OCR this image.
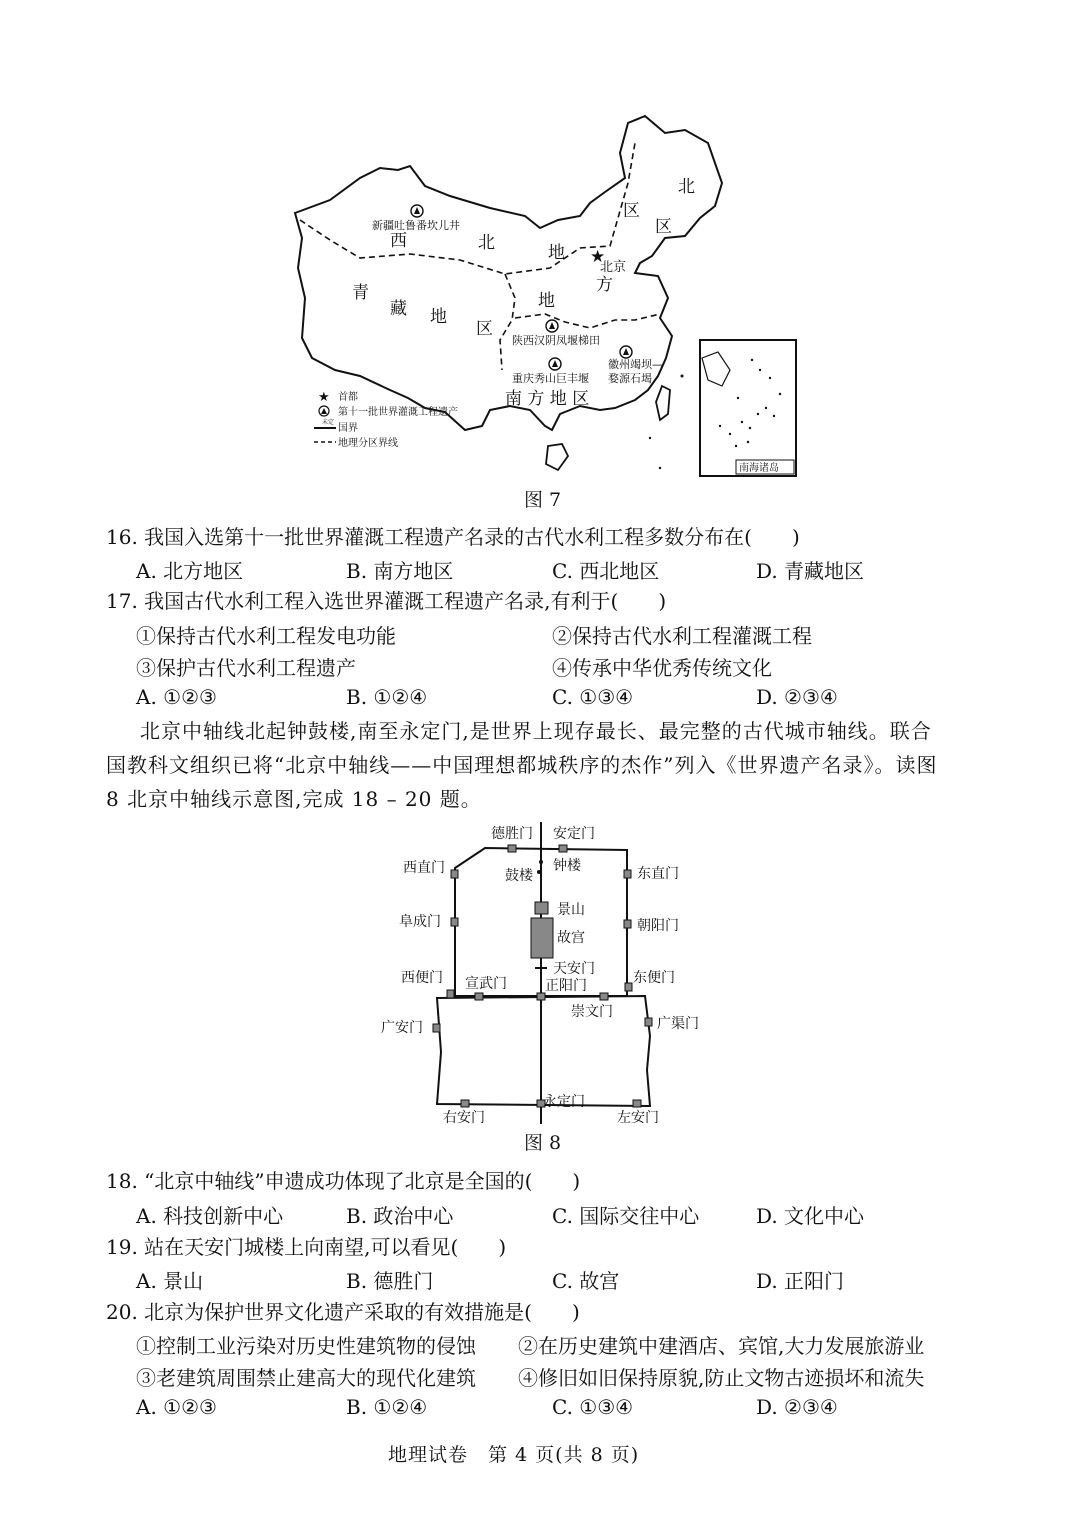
西	北	地
区
区
北
方
地
青
藏 地
区
南 方 地 区
★
北京
新疆吐鲁番坎儿井
陕西汉阴凤堰梯田
重庆秀山巨丰堰
徽州竭坝—
婺源石堨
★ 首都
第十一批世界灌溉工程遗产
未定
国界
地理分区界线
南海诸岛
图 7
16. 我国入选第十一批世界灌溉工程遗产名录的古代水利工程多数分布在(　　)
A. 北方地区	B. 南方地区	C. 西北地区	D. 青藏地区
17. 我国古代水利工程入选世界灌溉工程遗产名录,有利于(　　)
①保持古代水利工程发电功能	②保持古代水利工程灌溉工程
③保护古代水利工程遗产	④传承中华优秀传统文化
A. ①②③	B. ①②④	C. ①③④	D. ②③④
北京中轴线北起钟鼓楼,南至永定门,是世界上现存最长、最完整的古代城市轴线。联合
国教科文组织已将“北京中轴线——中国理想都城秩序的杰作”列入《世界遗产名录》。读图
8 北京中轴线示意图,完成 18 – 20 题。
德胜门 安定门
西直门	东直门
鼓楼
钟楼
阜成门	朝阳门
景山
故宫
天安门
西便门	东便门
宣武门	正阳门
崇文门
广安门	广渠门
右安门
永定门
左安门
图 8
18. “北京中轴线”申遗成功体现了北京是全国的(　　)
A. 科技创新中心	B. 政治中心	C. 国际交往中心	D. 文化中心
19. 站在天安门城楼上向南望,可以看见(　　)
A. 景山	B. 德胜门	C. 故宫	D. 正阳门
20. 北京为保护世界文化遗产采取的有效措施是(　　)
①控制工业污染对历史性建筑物的侵蚀 ②在历史建筑中建酒店、宾馆,大力发展旅游业
③老建筑周围禁止建高大的现代化建筑 ④修旧如旧保持原貌,防止文物古迹损坏和流失
A. ①②③	B. ①②④	C. ①③④	D. ②③④
地理试卷　第 4 页(共 8 页)
